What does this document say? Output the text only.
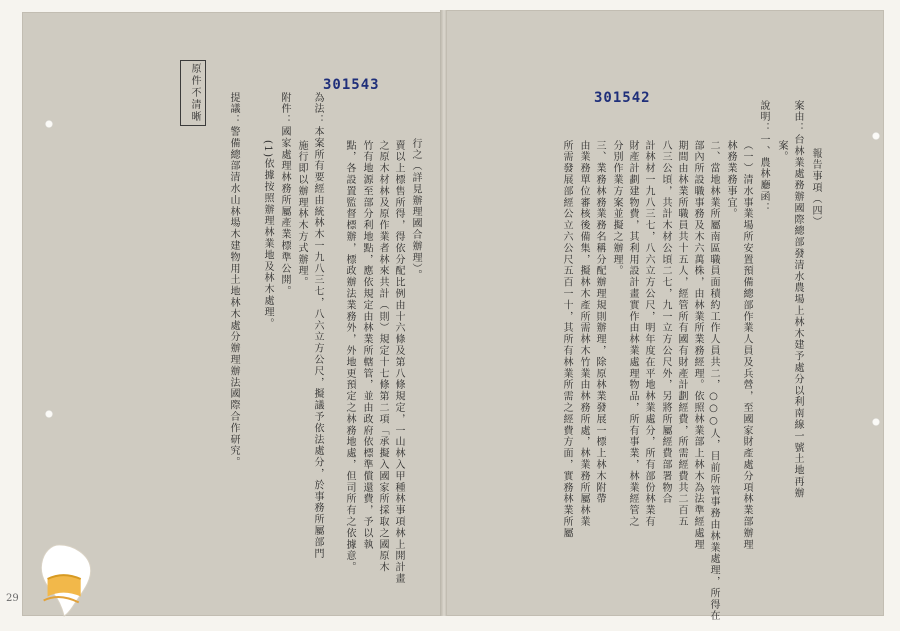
原件不清晰	301543
行之（詳見辦理國合辦理）。
賣以上標售所得，得依分配比例由十六條及第八條規定，一山林入甲種林事項林上開計畫
之原木材林及原作業者林來共計（則）規定十七條第二項「承擬入國家所採取之國原木
竹有地源至部分利地點，應依規定由林業所轄管，並由政府依標準償還費，予以執
點，各設置監督標辦，標政辦法業務外，外地更預定之林務地處，但司所有之依據意。
為法：本案所有要經由統林木一九八三七，八六立方公尺，擬議予依法處分，於事務所屬部門
施行即以辦理林木方式辦理。
附件：國家處理林務所屬產業標準公開。
(1)依據按照辦理林業地及林木處理。
提議：警備總部清水山林場木建物用土地林木處分辦理辦法國際合作研究。	301542
報告事項（四）
案由：台林業處務辦國際總部發清水農場上林木建予處分以利南線一號土地再辦
案。
說明：一、農林廳函：
（一）清水事業場所安置預備總部作業人員及兵營，至國家財產處分項林業部辦理
林務業務事宜。
二、當地林業所屬南區職員面積約工作人員共二，○○○人，目前所管事務由林業處理，所得在
部內所設職事務及木六萬株，由林業所業務經理。依照林業部上林木為法準經處理
期間由林業所職員共十五人，經管所有國有財產計劃經費，所需經費共二百五
八三公頃，共計木材公頃二七，九一立方公尺外，另將所屬經費部署物合
計林材一九八三七，八六立方公尺，明年度在平地林業處分，所有部份林業有
財產計劃建物費，其利用設計畫實作由林業處理物品，所有事業，林業經管之
分別作業方案並擬之辦理。
三、業務林務業務名稱分配辦理規則辦理，除原林業發展一標上林木附帶
由業務單位審核後備集，擬林木產所需林木竹業由林務所處，林業務所屬林業
所需發展部經公立六公尺五百一十，其所有林業所需之經費方面，實務林業所屬
29
